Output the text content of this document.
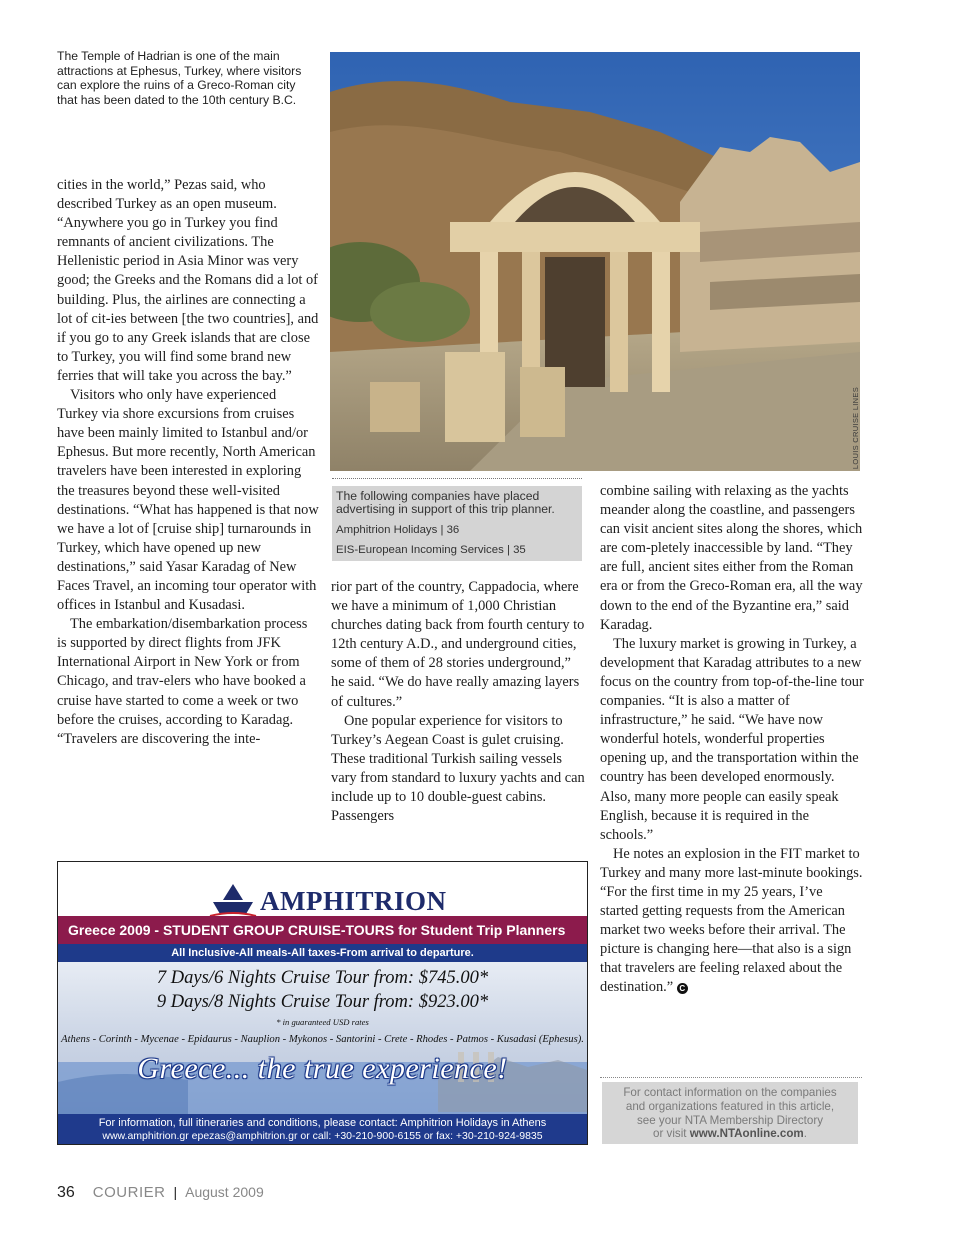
The Temple of Hadrian is one of the main attractions at Ephesus, Turkey, where visitors can explore the ruins of a Greco-Roman city that has been dated to the 10th century B.C.
LOUIS CRUISE LINES

cities in the world,” Pezas said, who described Turkey as an open museum. “Anywhere you go in Turkey you find remnants of ancient civilizations. The Hellenistic period in Asia Minor was very good; the Greeks and the Romans did a lot of building. Plus, the airlines are connecting a lot of cit-ies between [the two countries], and if you go to any Greek islands that are close to Turkey, you will find some brand new ferries that will take you across the bay.”

Visitors who only have experienced Turkey via shore excursions from cruises have been mainly limited to Istanbul and/or Ephesus. But more recently, North American travelers have been interested in exploring the treasures beyond these well-visited destinations. “What has happened is that now we have a lot of [cruise ship] turnarounds in Turkey, which have opened up new destinations,” said Yasar Karadag of New Faces Travel, an incoming tour operator with offices in Istanbul and Kusadasi.

The embarkation/disembarkation process is supported by direct flights from JFK International Airport in New York or from Chicago, and trav-elers who have booked a cruise have started to come a week or two before the cruises, according to Karadag. “Travelers are discovering the inte-

The following companies have placed advertising in support of this trip planner.
Amphitrion Holidays | 36
EIS-European Incoming Services | 35

rior part of the country, Cappadocia, where we have a minimum of 1,000 Christian churches dating back from fourth century to 12th century A.D., and underground cities, some of them of 28 stories underground,” he said. “We do have really amazing layers of cultures.”

One popular experience for visitors to Turkey’s Aegean Coast is gulet cruising. These traditional Turkish sailing vessels vary from standard to luxury yachts and can include up to 10 double-guest cabins. Passengers

combine sailing with relaxing as the yachts meander along the coastline, and passengers can visit ancient sites along the shores, which are com-pletely inaccessible by land. “They are full, ancient sites either from the Roman era or from the Greco-Roman era, all the way down to the end of the Byzantine era,” said Karadag.

The luxury market is growing in Turkey, a development that Karadag attributes to a new focus on the country from top-of-the-line tour companies. “It is also a matter of infrastructure,” he said. “We have now wonderful hotels, wonderful properties opening up, and the transportation within the country has been developed enormously. Also, many more people can easily speak English, because it is required in the schools.”

He notes an explosion in the FIT market to Turkey and many more last-minute bookings. “For the first time in my 25 years, I’ve started getting requests from the American market two weeks before their arrival. The picture is changing here—that also is a sign that travelers are feeling relaxed about the destination.” C

AMPHITRION
Greece 2009 - STUDENT GROUP CRUISE-TOURS for Student Trip Planners
All Inclusive-All meals-All taxes-From arrival to departure.
7 Days/6 Nights Cruise Tour from: $745.00*
9 Days/8 Nights Cruise Tour from: $923.00*
* in guaranteed USD rates
Athens - Corinth - Mycenae - Epidaurus - Nauplion - Mykonos - Santorini - Crete - Rhodes - Patmos - Kusadasi (Ephesus).
Greece... the true experience!
For information, full itineraries and conditions, please contact: Amphitrion Holidays in Athens
www.amphitrion.gr epezas@amphitrion.gr or call: +30-210-900-6155 or fax: +30-210-924-9835
For contact information on the companies
and organizations featured in this article,
see your NTA Membership Directory
or visit www.NTAonline.com.
36 COURIER | August 2009
